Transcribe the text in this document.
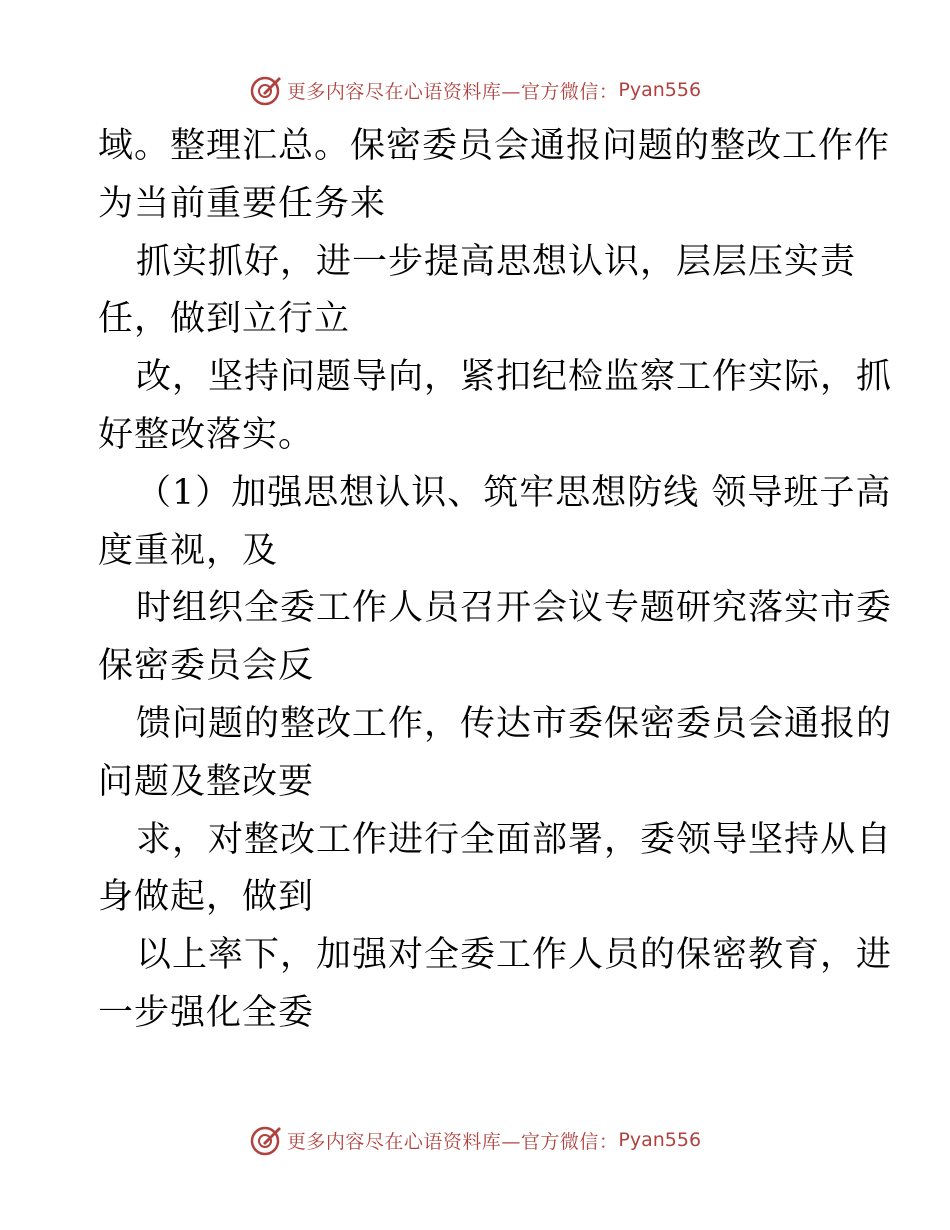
更多内容尽在心语资料库—官方微信： Pyan556
域。整理汇总。保密委员会通报问题的整改工作作
为当前重要任务来
抓实抓好，进一步提高思想认识，层层压实责
任，做到立行立
改，坚持问题导向，紧扣纪检监察工作实际，抓
好整改落实。
（1）加强思想认识、筑牢思想防线 领导班子高
度重视，及
时组织全委工作人员召开会议专题研究落实市委
保密委员会反
馈问题的整改工作，传达市委保密委员会通报的
问题及整改要
求，对整改工作进行全面部署，委领导坚持从自
身做起，做到
以上率下，加强对全委工作人员的保密教育，进
一步强化全委
更多内容尽在心语资料库—官方微信： Pyan556
